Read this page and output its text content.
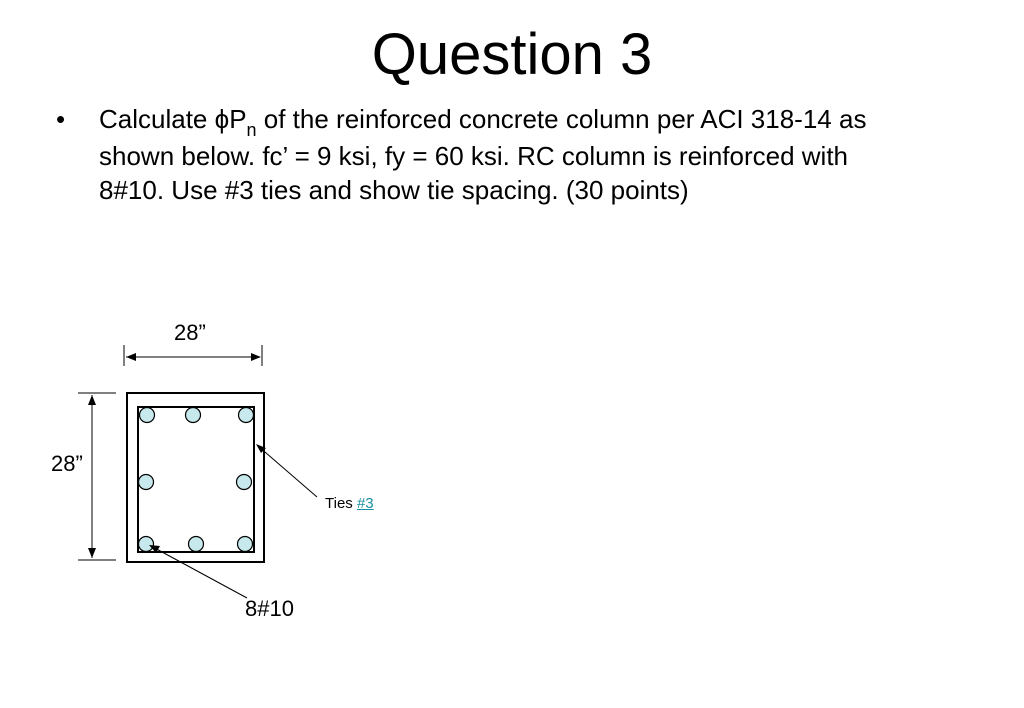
Question 3
• Calculate $\phi P_n$ of the reinforced concrete column per ACI 318-14 as
shown below. fc’ = 9 ksi, fy = 60 ksi. RC column is reinforced with
8#10. Use #3 ties and show tie spacing. (30 points)
28”
28”
Ties #3
8#10
